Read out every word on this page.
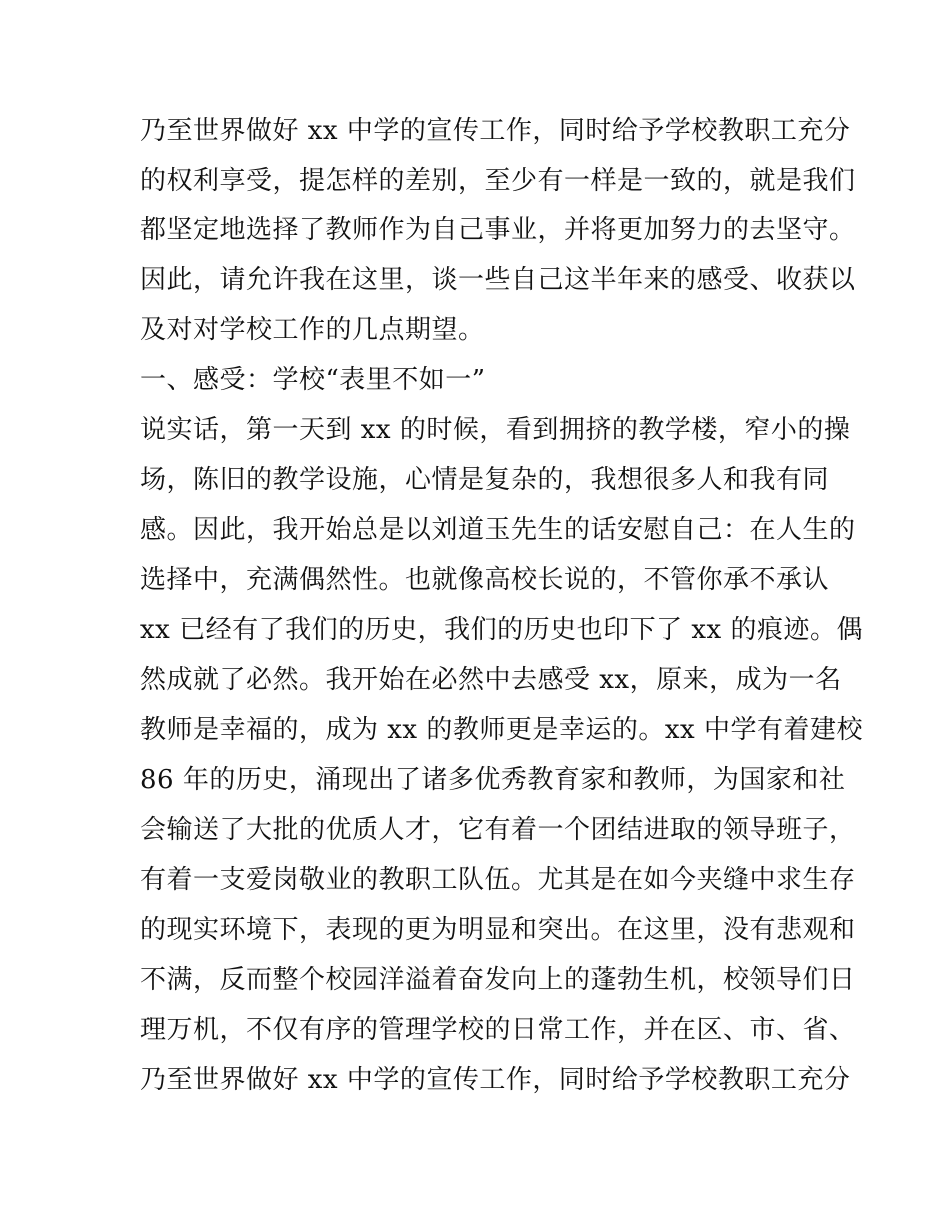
乃至世界做好 xx 中学的宣传工作，同时给予学校教职工充分
的权利享受，提怎样的差别，至少有一样是一致的，就是我们
都坚定地选择了教师作为自己事业，并将更加努力的去坚守。
因此，请允许我在这里，谈一些自己这半年来的感受、收获以
及对对学校工作的几点期望。
一、感受：学校“表里不如一”
说实话，第一天到 xx 的时候，看到拥挤的教学楼，窄小的操
场，陈旧的教学设施，心情是复杂的，我想很多人和我有同
感。因此，我开始总是以刘道玉先生的话安慰自己：在人生的
选择中，充满偶然性。也就像高校长说的，不管你承不承认
xx 已经有了我们的历史，我们的历史也印下了 xx 的痕迹。偶
然成就了必然。我开始在必然中去感受 xx，原来，成为一名
教师是幸福的，成为 xx 的教师更是幸运的。xx 中学有着建校
86 年的历史，涌现出了诸多优秀教育家和教师，为国家和社
会输送了大批的优质人才，它有着一个团结进取的领导班子，
有着一支爱岗敬业的教职工队伍。尤其是在如今夹缝中求生存
的现实环境下，表现的更为明显和突出。在这里，没有悲观和
不满，反而整个校园洋溢着奋发向上的蓬勃生机，校领导们日
理万机，不仅有序的管理学校的日常工作，并在区、市、省、
乃至世界做好 xx 中学的宣传工作，同时给予学校教职工充分
